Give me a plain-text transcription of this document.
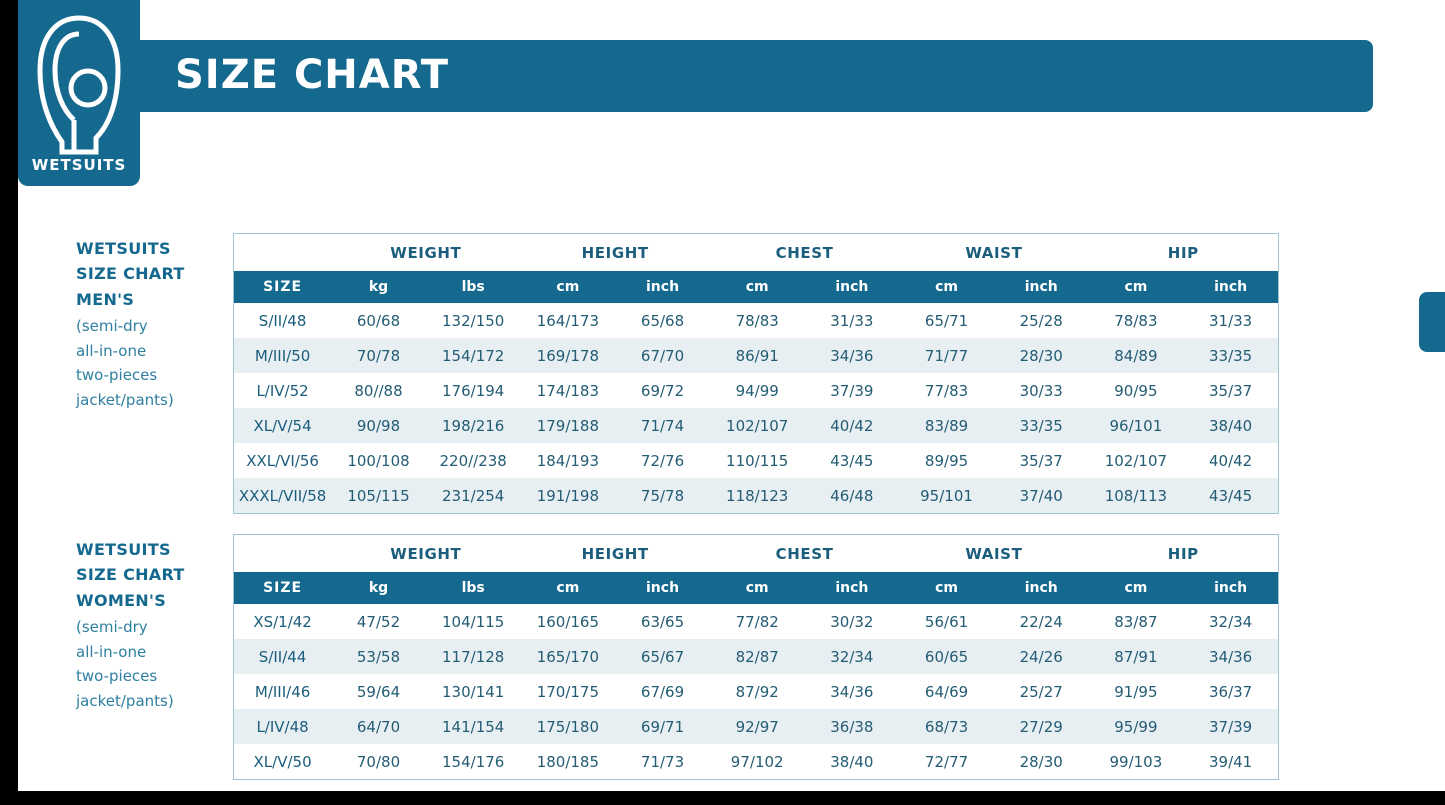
SIZE CHART
WETSUITS
WETSUITS
SIZE CHART
MEN'S
(semi-dry
all-in-one
two-pieces
jacket/pants)
WETSUITS
SIZE CHART
WOMEN'S
(semi-dry
all-in-one
two-pieces
jacket/pants)
	WEIGHT		HEIGHT		CHEST		WAIST		HIP	
SIZE	kg	lbs	cm	inch	cm	inch	cm	inch	cm	inch
S/II/48	60/68	132/150	164/173	65/68	78/83	31/33	65/71	25/28	78/83	31/33
M/III/50	70/78	154/172	169/178	67/70	86/91	34/36	71/77	28/30	84/89	33/35
L/IV/52	80//88	176/194	174/183	69/72	94/99	37/39	77/83	30/33	90/95	35/37
XL/V/54	90/98	198/216	179/188	71/74	102/107	40/42	83/89	33/35	96/101	38/40
XXL/VI/56	100/108	220//238	184/193	72/76	110/115	43/45	89/95	35/37	102/107	40/42
XXXL/VII/58	105/115	231/254	191/198	75/78	118/123	46/48	95/101	37/40	108/113	43/45
	WEIGHT		HEIGHT		CHEST		WAIST		HIP	
SIZE	kg	lbs	cm	inch	cm	inch	cm	inch	cm	inch
XS/1/42	47/52	104/115	160/165	63/65	77/82	30/32	56/61	22/24	83/87	32/34
S/II/44	53/58	117/128	165/170	65/67	82/87	32/34	60/65	24/26	87/91	34/36
M/III/46	59/64	130/141	170/175	67/69	87/92	34/36	64/69	25/27	91/95	36/37
L/IV/48	64/70	141/154	175/180	69/71	92/97	36/38	68/73	27/29	95/99	37/39
XL/V/50	70/80	154/176	180/185	71/73	97/102	38/40	72/77	28/30	99/103	39/41
